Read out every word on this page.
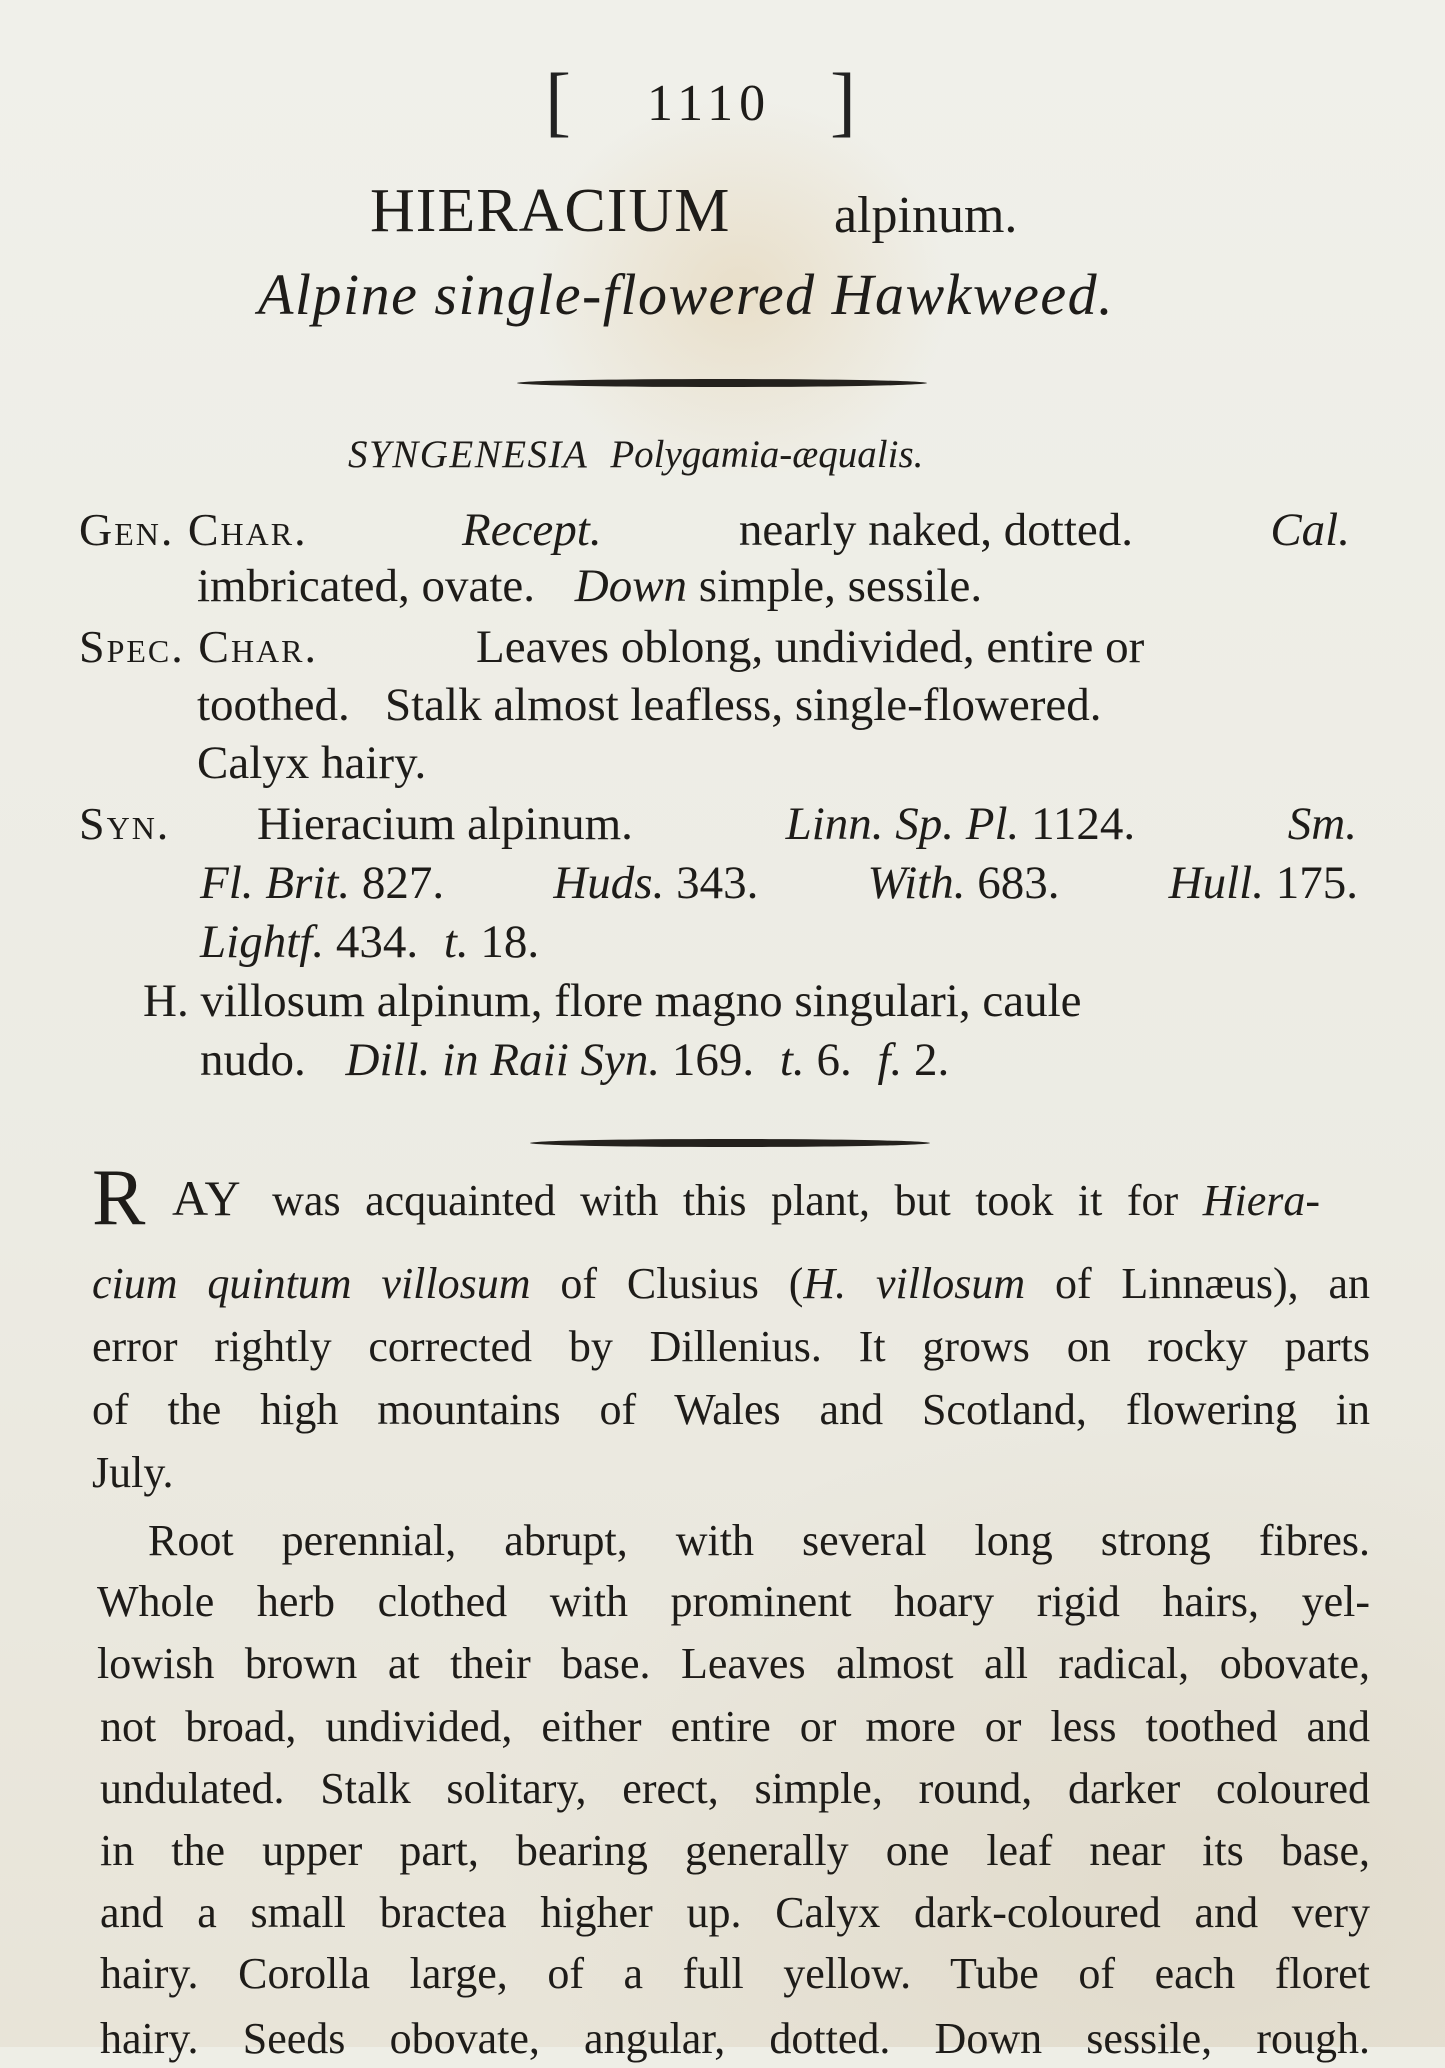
[ 1110 ]
HIERACIUM alpinum.
Alpine single-flowered Hawkweed.
SYNGENESIA Polygamia-æqualis.
Gen. Char.	Recept.	nearly naked, dotted.	Cal.
imbricated, ovate. Down simple, sessile.
Spec. Char.	Leaves oblong, undivided, entire or
toothed.   Stalk almost leafless, single-flowered.
Calyx hairy.
Syn. Hieracium alpinum.	Linn. Sp. Pl. 1124.	Sm.
Fl. Brit. 827. Huds. 343. With. 683. Hull. 175.
Lightf. 434. t. 18.
H. villosum alpinum, flore magno singulari, caule
nudo. Dill. in Raii Syn. 169. t. 6. f. 2.
R AY was acquainted with this plant, but took it for Hiera-
cium quintum villosum of Clusius (H. villosum of Linnæus), an
error rightly corrected by Dillenius. It grows on rocky parts
of the high mountains of Wales and Scotland, flowering in
July.
Root perennial, abrupt, with several long strong fibres.
Whole herb clothed with prominent hoary rigid hairs, yel-
lowish brown at their base. Leaves almost all radical, obovate,
not broad, undivided, either entire or more or less toothed and
undulated. Stalk solitary, erect, simple, round, darker coloured
in the upper part, bearing generally one leaf near its base,
and a small bractea higher up. Calyx dark-coloured and very
hairy. Corolla large, of a full yellow. Tube of each floret
hairy. Seeds obovate, angular, dotted. Down sessile, rough.
